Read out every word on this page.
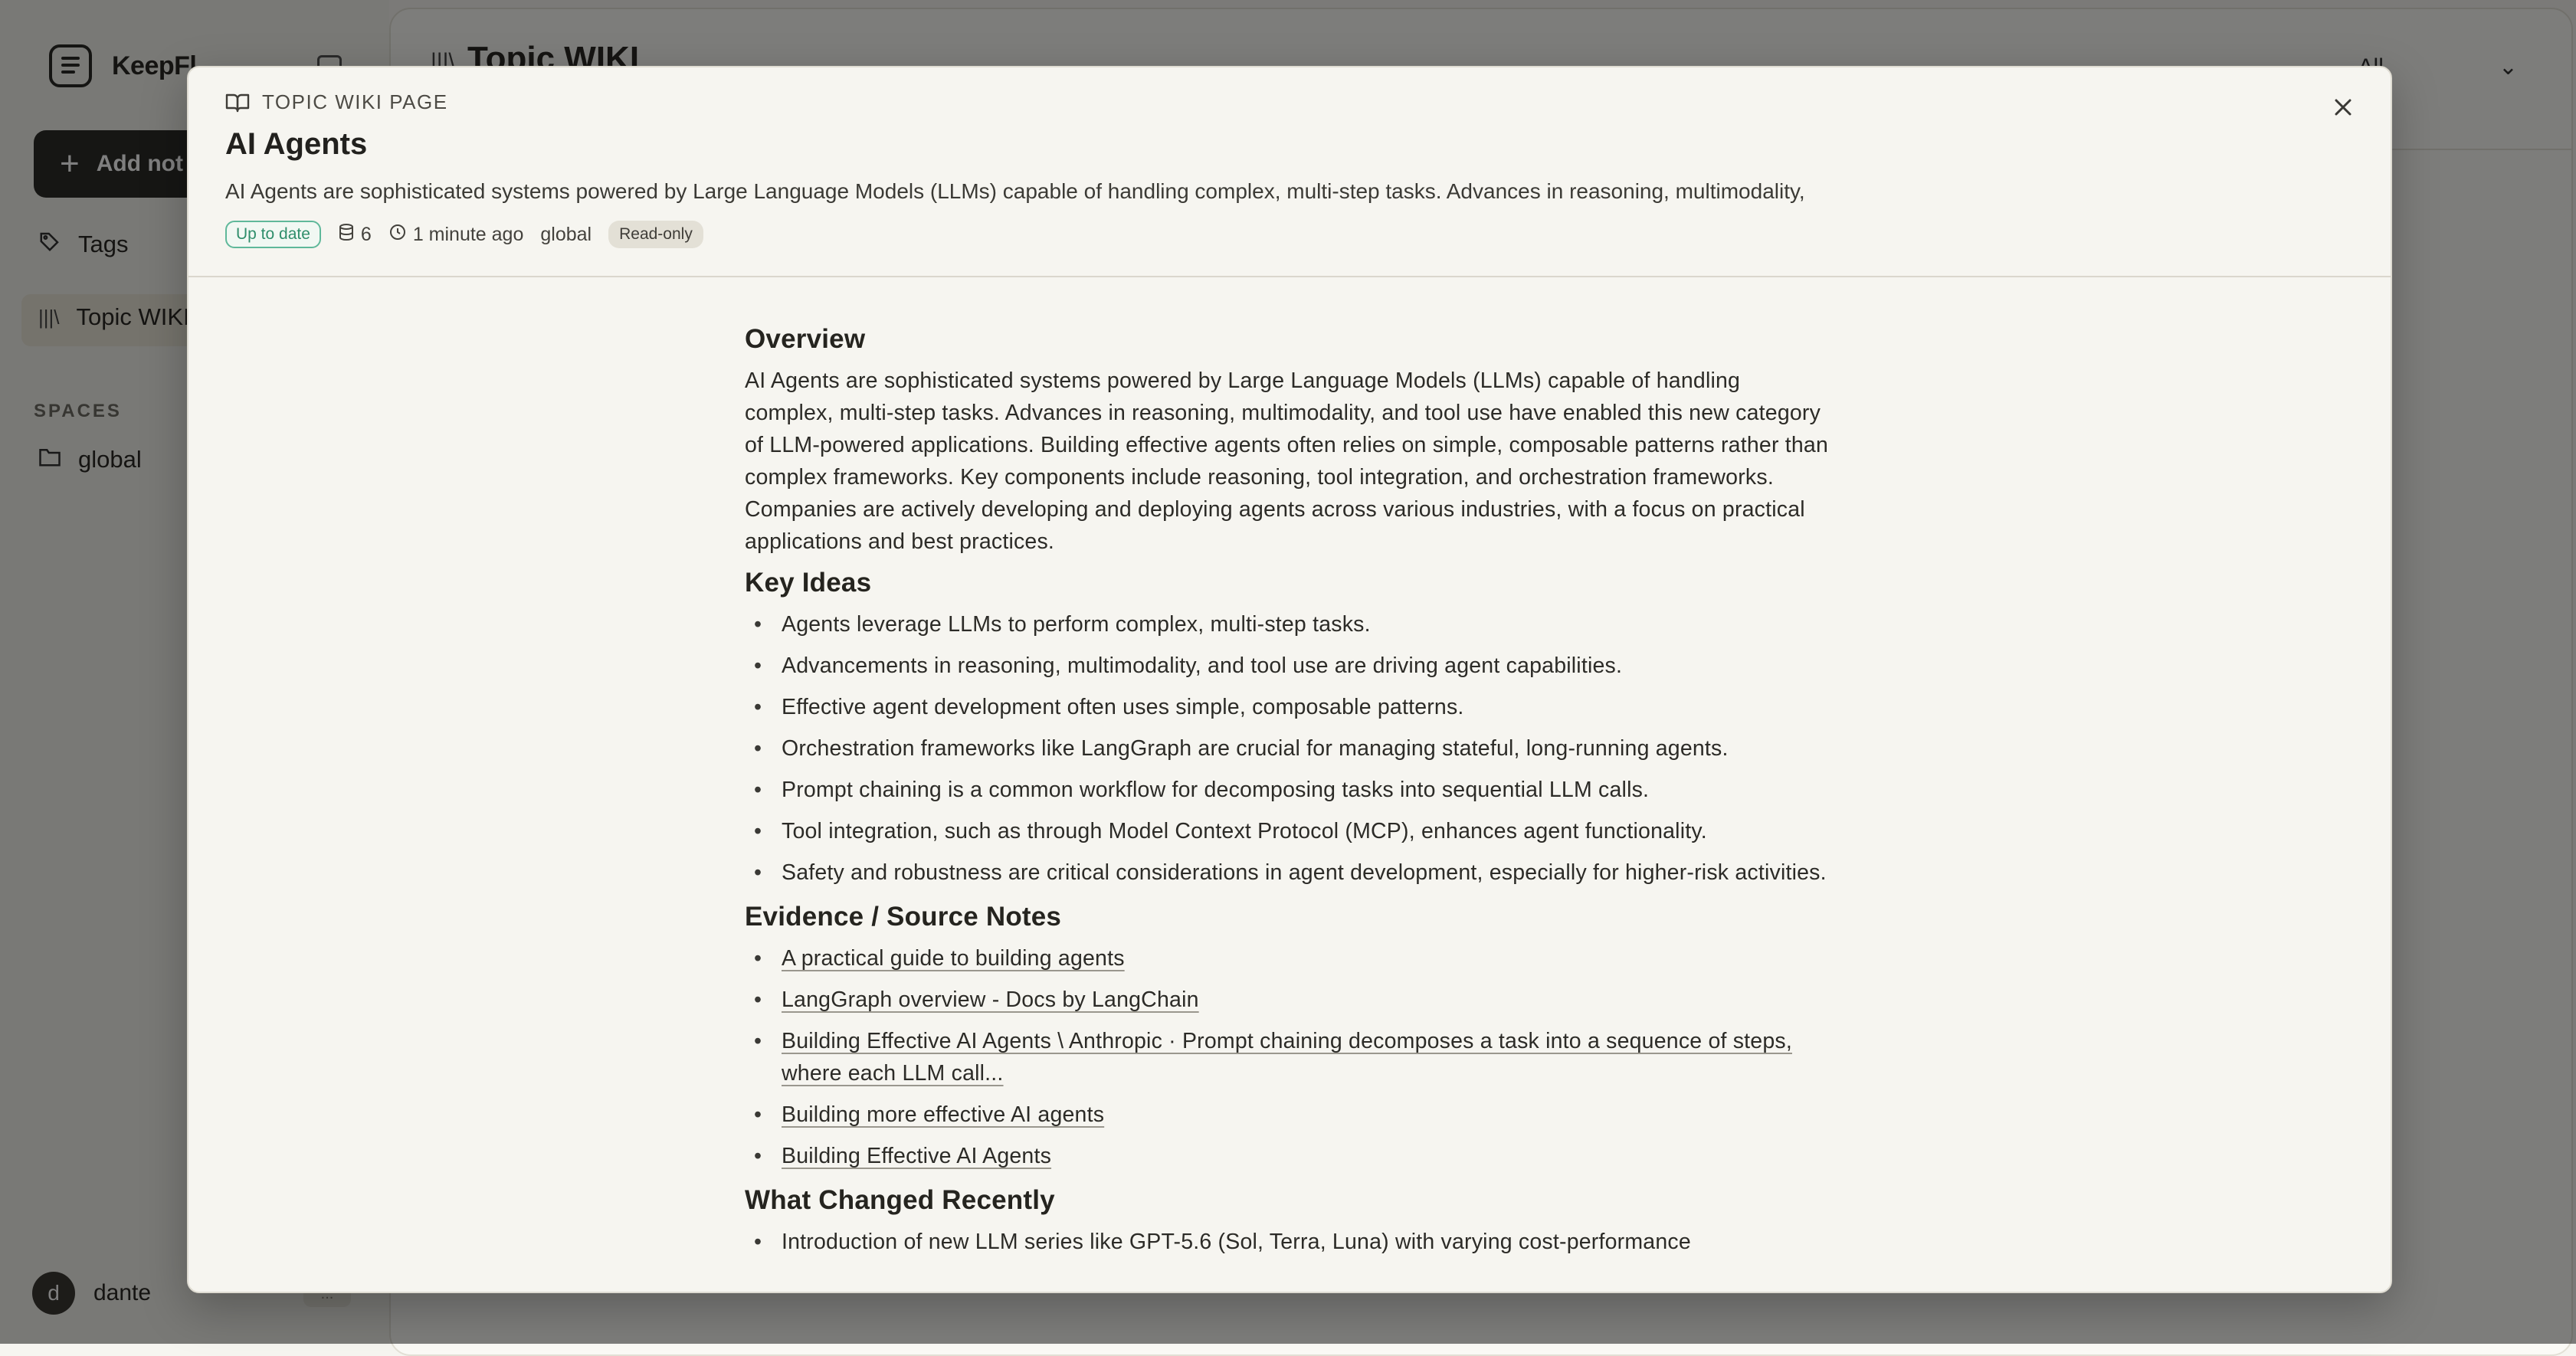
TOPIC WIKI PAGE
AI Agents
AI Agents are sophisticated systems powered by Large Language Models (LLMs) capable of handling complex, multi-step tasks. Advances in reasoning, multimodality,
Up to date	6 1 minute ago global	Read-only
Overview

AI Agents are sophisticated systems powered by Large Language Models (LLMs) capable of handling complex, multi-step tasks. Advances in reasoning, multimodality, and tool use have enabled this new category of LLM-powered applications. Building effective agents often relies on simple, composable patterns rather than complex frameworks. Key components include reasoning, tool integration, and orchestration frameworks. Companies are actively developing and deploying agents across various industries, with a focus on practical applications and best practices.

Key Ideas
• Agents leverage LLMs to perform complex, multi-step tasks.
• Advancements in reasoning, multimodality, and tool use are driving agent capabilities.
• Effective agent development often uses simple, composable patterns.
• Orchestration frameworks like LangGraph are crucial for managing stateful, long-running agents.
• Prompt chaining is a common workflow for decomposing tasks into sequential LLM calls.
• Tool integration, such as through Model Context Protocol (MCP), enhances agent functionality.
• Safety and robustness are critical considerations in agent development, especially for higher-risk activities.
Evidence / Source Notes
• A practical guide to building agents
• LangGraph overview - Docs by LangChain
• Building Effective AI Agents \ Anthropic · Prompt chaining decomposes a task into a sequence of steps, where each LLM call...
• Building more effective AI agents
• Building Effective AI Agents
What Changed Recently
• Introduction of new LLM series like GPT-5.6 (Sol, Terra, Luna) with varying cost-performance
